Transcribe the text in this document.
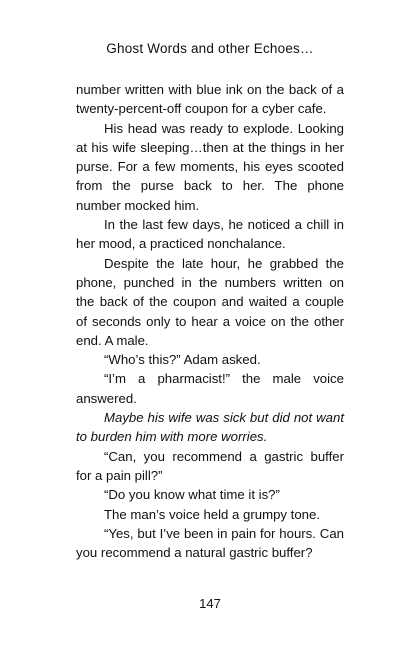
Ghost Words and other Echoes…

number written with blue ink on the back of a twenty-percent-off coupon for a cyber cafe.

His head was ready to explode. Looking at his wife sleeping…then at the things in her purse. For a few moments, his eyes scooted from the purse back to her. The phone number mocked him.

In the last few days, he noticed a chill in her mood, a practiced nonchalance.

Despite the late hour, he grabbed the phone, punched in the numbers written on the back of the coupon and waited a couple of seconds only to hear a voice on the other end. A male.

“Who’s this?” Adam asked.

“I’m a pharmacist!” the male voice answered.

Maybe his wife was sick but did not want to burden him with more worries.

“Can, you recommend a gastric buffer for a pain pill?”

“Do you know what time it is?”

The man’s voice held a grumpy tone.

“Yes, but I’ve been in pain for hours. Can you recommend a natural gastric buffer?

147
